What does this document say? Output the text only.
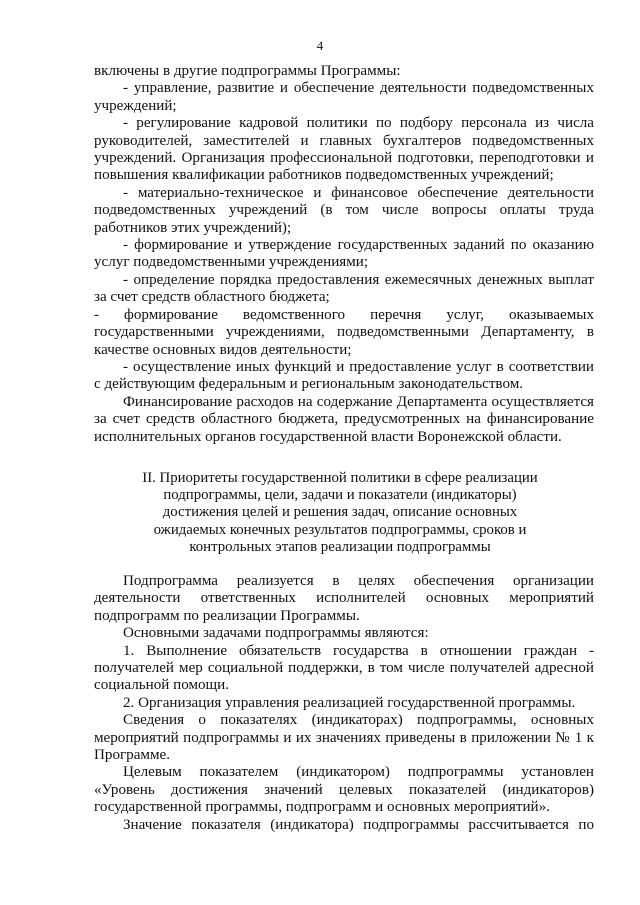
4

включены в другие подпрограммы Программы:

- управление, развитие и обеспечение деятельности подведомственных учреждений;

- регулирование кадровой политики по подбору персонала из числа руководителей, заместителей и главных бухгалтеров подведомственных учреждений. Организация профессиональной подготовки, переподготовки и повышения квалификации работников подведомственных учреждений;

- материально-техническое и финансовое обеспечение деятельности подведомственных учреждений (в том числе вопросы оплаты труда работников этих учреждений);

- формирование и утверждение государственных заданий по оказанию услуг подведомственными учреждениями;

- определение порядка предоставления ежемесячных денежных выплат за счет средств областного бюджета;

- формирование ведомственного перечня услуг, оказываемых государственными учреждениями, подведомственными Департаменту, в качестве основных видов деятельности;

- осуществление иных функций и предоставление услуг в соответствии с действующим федеральным и региональным законодательством.

Финансирование расходов на содержание Департамента осуществляется за счет средств областного бюджета, предусмотренных на финансирование исполнительных органов государственной власти Воронежской области.

II. Приоритеты государственной политики в сфере реализации подпрограммы, цели, задачи и показатели (индикаторы) достижения целей и решения задач, описание основных ожидаемых конечных результатов подпрограммы, сроков и контрольных этапов реализации подпрограммы

Подпрограмма реализуется в целях обеспечения организации деятельности ответственных исполнителей основных мероприятий подпрограмм по реализации Программы.

Основными задачами подпрограммы являются:

1. Выполнение обязательств государства в отношении граждан - получателей мер социальной поддержки, в том числе получателей адресной социальной помощи.

2. Организация управления реализацией государственной программы.

Сведения о показателях (индикаторах) подпрограммы, основных мероприятий подпрограммы и их значениях приведены в приложении № 1 к Программе.

Целевым показателем (индикатором) подпрограммы установлен «Уровень достижения значений целевых показателей (индикаторов) государственной программы, подпрограмм и основных мероприятий».

Значение показателя (индикатора) подпрограммы рассчитывается по
